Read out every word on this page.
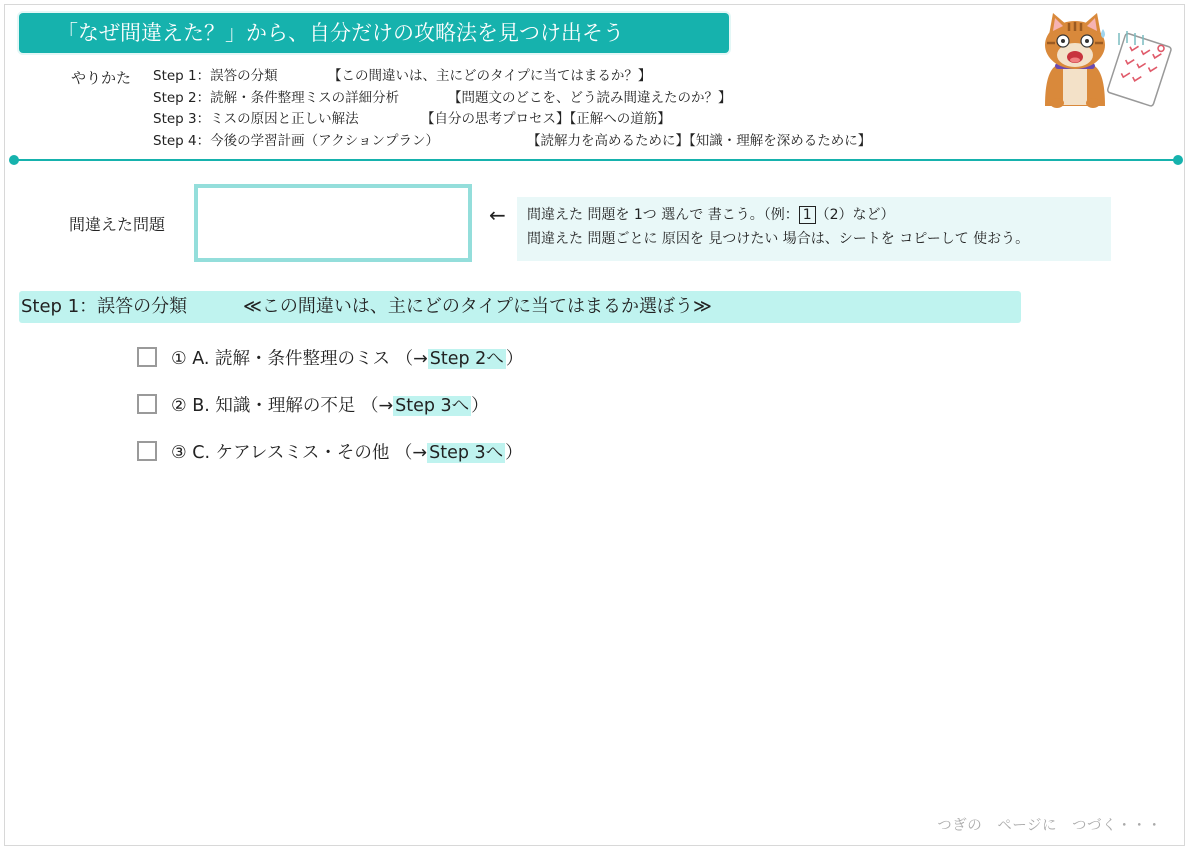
「なぜ間違えた？」から、自分だけの攻略法を見つけ出そう
やりかた Step 1：誤答の分類	【この間違いは、主にどのタイプに当てはまるか？】
Step 2：読解・条件整理ミスの詳細分析	【問題文のどこを、どう読み間違えたのか？】
Step 3：ミスの原因と正しい解法	【自分の思考プロセス】【正解への道筋】
Step 4：今後の学習計画（アクションプラン）	【読解力を高めるために】【知識・理解を深めるために】
間違えた問題	← 間違えた 問題を 1つ 選んで 書こう。（例： 1 （2）など）
間違えた 問題ごとに 原因を 見つけたい 場合は、シートを コピーして 使おう。
Step 1：誤答の分類	≪この間違いは、主にどのタイプに当てはまるか選ぼう≫
① A. 読解・条件整理のミス （→ Step 2へ ）
② B. 知識・理解の不足 （→ Step 3へ ）
③ C. ケアレスミス・その他 （→ Step 3へ ）
つぎの　ページに　つづく・・・
